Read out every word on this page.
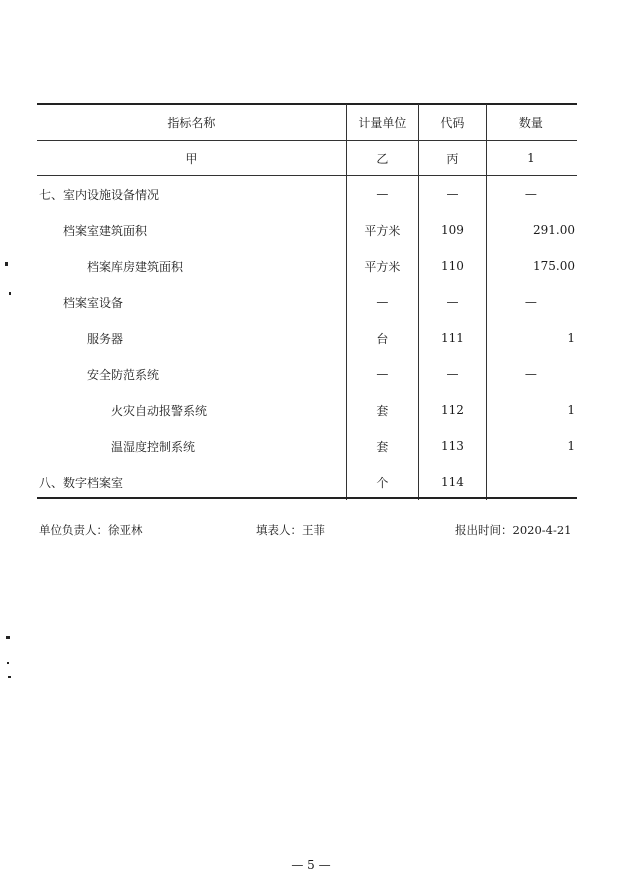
指标名称	计量单位	代码	数量
甲	乙	丙	1
七、室内设施设备情况	—	—	—
档案室建筑面积	平方米	109	291.00
档案库房建筑面积	平方米	110	175.00
档案室设备	—	—	—
服务器	台	111	1
安全防范系统	—	—	—
火灾自动报警系统	套	112	1
温湿度控制系统	套	113	1
八、数字档案室	个	114	
单位负责人：徐亚林	填表人：王菲	报出时间：2020-4-21
— 5 —
